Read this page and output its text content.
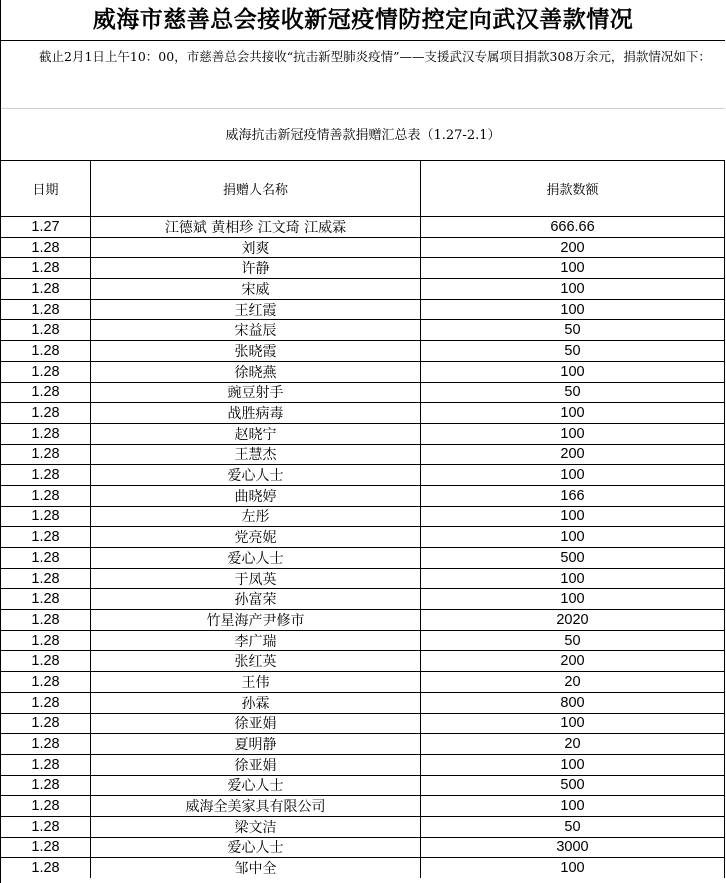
威海市慈善总会接收新冠疫情防控定向武汉善款情况
截止2月1日上午10：00，市慈善总会共接收“抗击新型肺炎疫情”——支援武汉专属项目捐款308万余元，捐款情况如下：
威海抗击新冠疫情善款捐赠汇总表（1.27-2.1）
日期	捐赠人名称	捐款数额
1.27	江德斌 黄相珍 江文琦 江威霖	666.66
1.28	刘爽	200
1.28	许静	100
1.28	宋威	100
1.28	王红霞	100
1.28	宋益辰	50
1.28	张晓霞	50
1.28	徐晓燕	100
1.28	豌豆射手	50
1.28	战胜病毒	100
1.28	赵晓宁	100
1.28	王慧杰	200
1.28	爱心人士	100
1.28	曲晓婷	166
1.28	左彤	100
1.28	党亮妮	100
1.28	爱心人士	500
1.28	于凤英	100
1.28	孙富荣	100
1.28	竹星海产尹修市	2020
1.28	李广瑞	50
1.28	张红英	200
1.28	王伟	20
1.28	孙霖	800
1.28	徐亚娟	100
1.28	夏明静	20
1.28	徐亚娟	100
1.28	爱心人士	500
1.28	威海全美家具有限公司	100
1.28	梁文洁	50
1.28	爱心人士	3000
1.28	邹中全	100
